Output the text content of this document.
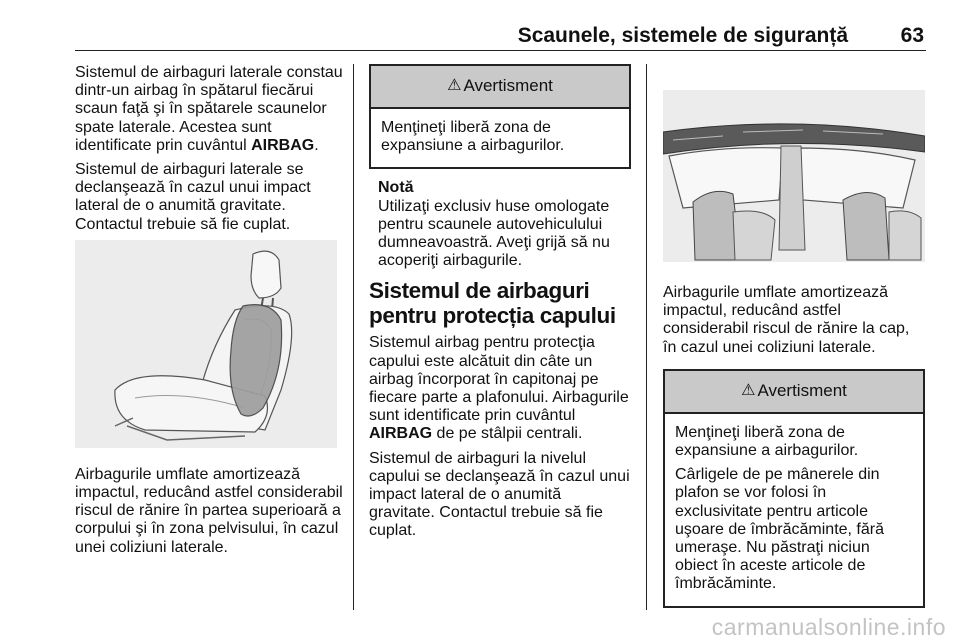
Scaunele, sistemele de siguranță	63

Sistemul de airbaguri laterale constau dintr-un airbag în spătarul fiecărui scaun faţă şi în spătarele scaunelor spate laterale. Acestea sunt identificate prin cuvântul AIRBAG.

Sistemul de airbaguri laterale se declanşează în cazul unui impact lateral de o anumită gravitate. Contactul trebuie să fie cuplat.

Airbagurile umflate amortizează impactul, reducând astfel considerabil riscul de rănire în partea superioară a corpului şi în zona pelvisului, în cazul unei coliziuni laterale.

⚠ Avertisment

Menţineţi liberă zona de expansiune a airbagurilor.

Notă

Utilizaţi exclusiv huse omologate pentru scaunele autovehiculului dumneavoastră. Aveţi grijă să nu acoperiţi airbagurile.

Sistemul de airbaguri pentru protecția capului

Sistemul airbag pentru protecţia capului este alcătuit din câte un airbag încorporat în capitonaj pe fiecare parte a plafonului. Airbagurile sunt identificate prin cuvântul AIRBAG de pe stâlpii centrali.

Sistemul de airbaguri la nivelul capului se declanşează în cazul unui impact lateral de o anumită gravitate. Contactul trebuie să fie cuplat.

Airbagurile umflate amortizează impactul, reducând astfel considerabil riscul de rănire la cap, în cazul unei coliziuni laterale.

⚠ Avertisment

Menţineţi liberă zona de expansiune a airbagurilor.

Cârligele de pe mânerele din plafon se vor folosi în exclusivitate pentru articole uşoare de îmbrăcăminte, fără umeraşe. Nu păstraţi niciun obiect în aceste articole de îmbrăcăminte.

carmanualsonline.info
